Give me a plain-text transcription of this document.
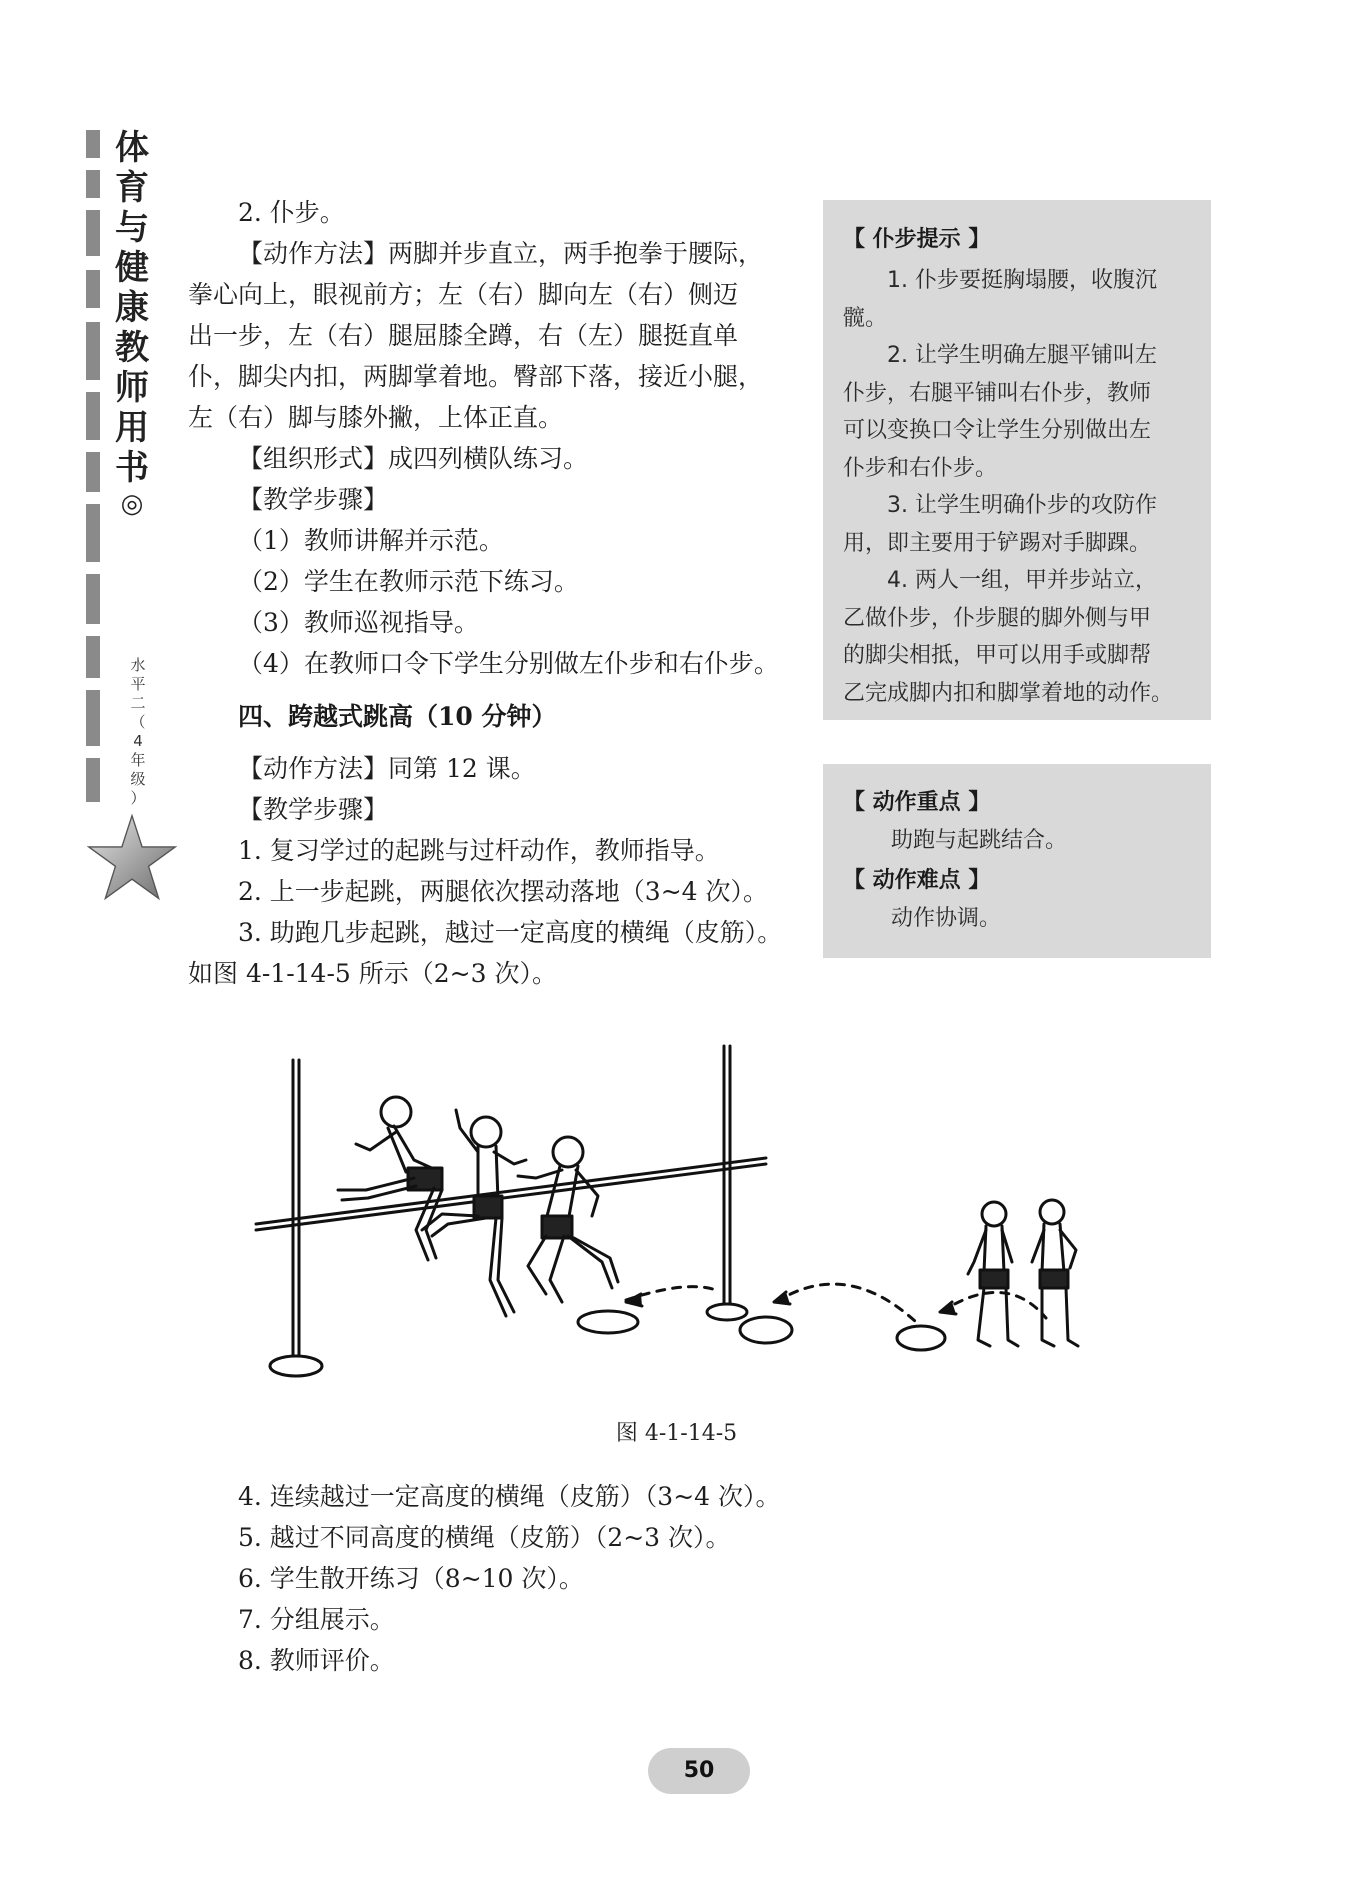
体
育
与
健
康
教
师
用
书
◎
水
平
二
（
4
年
级
）

2. 仆步。

【动作方法】两脚并步直立，两手抱拳于腰际，

拳心向上，眼视前方；左（右）脚向左（右）侧迈

出一步，左（右）腿屈膝全蹲，右（左）腿挺直单

仆，脚尖内扣，两脚掌着地。臀部下落，接近小腿，

左（右）脚与膝外撇，上体正直。

【组织形式】成四列横队练习。

【教学步骤】

（1）教师讲解并示范。

（2）学生在教师示范下练习。

（3）教师巡视指导。

（4）在教师口令下学生分别做左仆步和右仆步。

四、跨越式跳高（10 分钟）

【动作方法】同第 12 课。

【教学步骤】

1. 复习学过的起跳与过杆动作，教师指导。

2. 上一步起跳，两腿依次摆动落地（3~4 次）。

3. 助跑几步起跳，越过一定高度的横绳（皮筋）。

如图 4-1-14-5 所示（2~3 次）。

【 仆步提示 】

1. 仆步要挺胸塌腰，收腹沉

髋。

2. 让学生明确左腿平铺叫左

仆步，右腿平铺叫右仆步，教师

可以变换口令让学生分别做出左

仆步和右仆步。

3. 让学生明确仆步的攻防作

用，即主要用于铲踢对手脚踝。

4. 两人一组，甲并步站立，

乙做仆步，仆步腿的脚外侧与甲

的脚尖相抵，甲可以用手或脚帮

乙完成脚内扣和脚掌着地的动作。

【 动作重点 】

助跑与起跳结合。

【 动作难点 】

动作协调。

图 4-1-14-5

4. 连续越过一定高度的横绳（皮筋）（3~4 次）。

5. 越过不同高度的横绳（皮筋）（2~3 次）。

6. 学生散开练习（8~10 次）。

7. 分组展示。

8. 教师评价。

50
